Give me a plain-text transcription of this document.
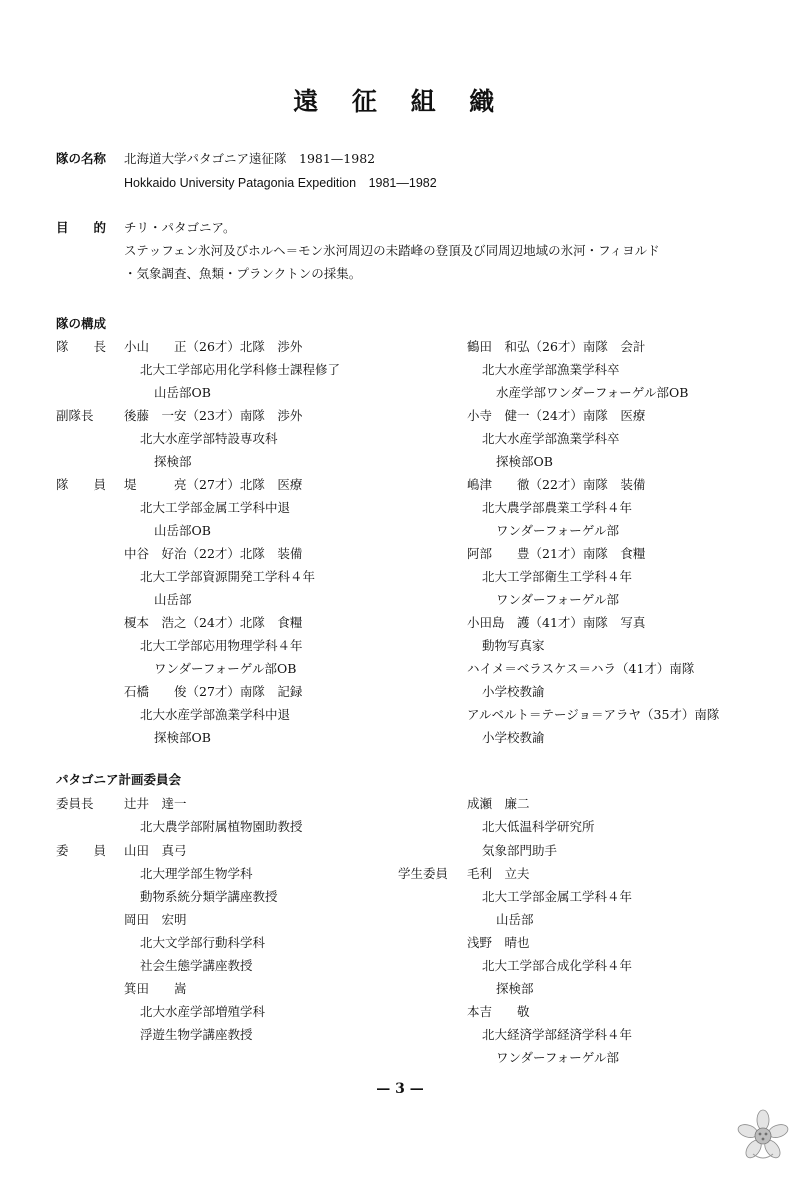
遠 征 組 織
隊の名称 北海道大学パタゴニア遠征隊　1981—1982
Hokkaido University Patagonia Expedition　1981—1982
目　　的 チリ・パタゴニア。
ステッフェン氷河及びホルヘ＝モン氷河周辺の未踏峰の登頂及び同周辺地域の氷河・フィヨルド
・気象調査、魚類・プランクトンの採集。
隊の構成
隊　　長
副隊長
隊　　員
小山　　正（26才）北隊　渉外
北大工学部応用化学科修士課程修了
山岳部OB
後藤　一安（23才）南隊　渉外
北大水産学部特設専攻科
探検部
堤　　　亮（27才）北隊　医療
北大工学部金属工学科中退
山岳部OB
中谷　好治（22才）北隊　装備
北大工学部資源開発工学科４年
山岳部
榎本　浩之（24才）北隊　食糧
北大工学部応用物理学科４年
ワンダーフォーゲル部OB
石橋　　俊（27才）南隊　記録
北大水産学部漁業学科中退
探検部OB
鶴田　和弘（26才）南隊　会計
北大水産学部漁業学科卒
水産学部ワンダーフォーゲル部OB
小寺　健一（24才）南隊　医療
北大水産学部漁業学科卒
探検部OB
嶋津　　徹（22才）南隊　装備
北大農学部農業工学科４年
ワンダーフォーゲル部
阿部　　豊（21才）南隊　食糧
北大工学部衛生工学科４年
ワンダーフォーゲル部
小田島　護（41才）南隊　写真
動物写真家
ハイメ＝ベラスケス＝ハラ（41才）南隊
小学校教諭
アルベルト＝テージョ＝アラヤ（35才）南隊
小学校教諭
パタゴニア計画委員会
委員長
委　　員
学生委員
辻井　達一
北大農学部附属植物園助教授
山田　真弓
北大理学部生物学科
動物系統分類学講座教授
岡田　宏明
北大文学部行動科学科
社会生態学講座教授
箕田　　嵩
北大水産学部増殖学科
浮遊生物学講座教授
成瀬　廉二
北大低温科学研究所
気象部門助手
毛利　立夫
北大工学部金属工学科４年
山岳部
浅野　晴也
北大工学部合成化学科４年
探検部
本吉　　敬
北大経済学部経済学科４年
ワンダーフォーゲル部
— 3 —
